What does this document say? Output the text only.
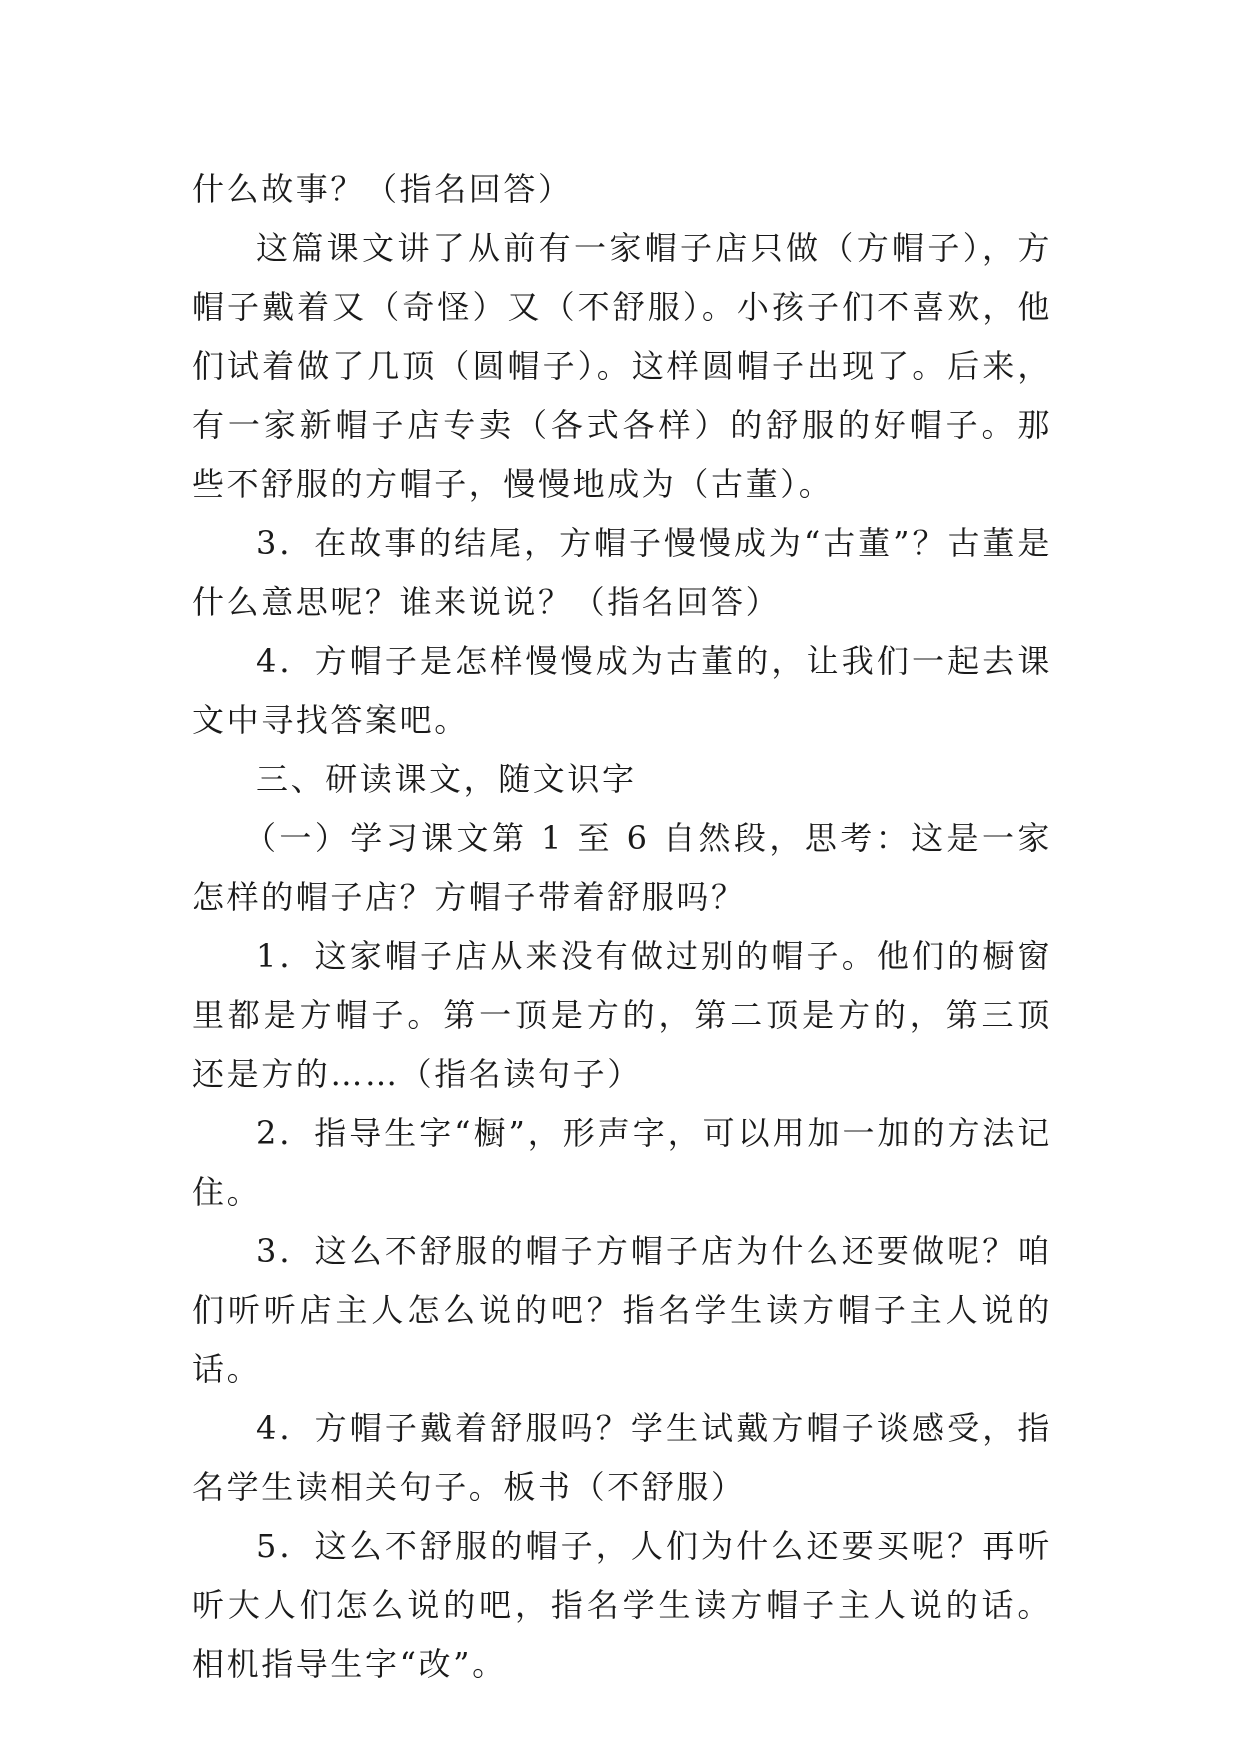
什么故事？（指名回答）

这篇课文讲了从前有一家帽子店只做（方帽子），方帽子戴着又（奇怪）又（不舒服）。小孩子们不喜欢，他们试着做了几顶（圆帽子）。这样圆帽子出现了。后来，有一家新帽子店专卖（各式各样）的舒服的好帽子。那些不舒服的方帽子，慢慢地成为（古董）。

3．在故事的结尾，方帽子慢慢成为“古董”？古董是什么意思呢？谁来说说？（指名回答）

4．方帽子是怎样慢慢成为古董的，让我们一起去课文中寻找答案吧。

三、研读课文，随文识字

（一）学习课文第 1 至 6 自然段，思考：这是一家怎样的帽子店？方帽子带着舒服吗？

1．这家帽子店从来没有做过别的帽子。他们的橱窗里都是方帽子。第一顶是方的，第二顶是方的，第三顶还是方的……（指名读句子）

2．指导生字“橱”，形声字，可以用加一加的方法记住。

3．这么不舒服的帽子方帽子店为什么还要做呢？咱们听听店主人怎么说的吧？指名学生读方帽子主人说的话。

4．方帽子戴着舒服吗？学生试戴方帽子谈感受，指名学生读相关句子。板书（不舒服）

5．这么不舒服的帽子，人们为什么还要买呢？再听听大人们怎么说的吧，指名学生读方帽子主人说的话。相机指导生字“改”。
